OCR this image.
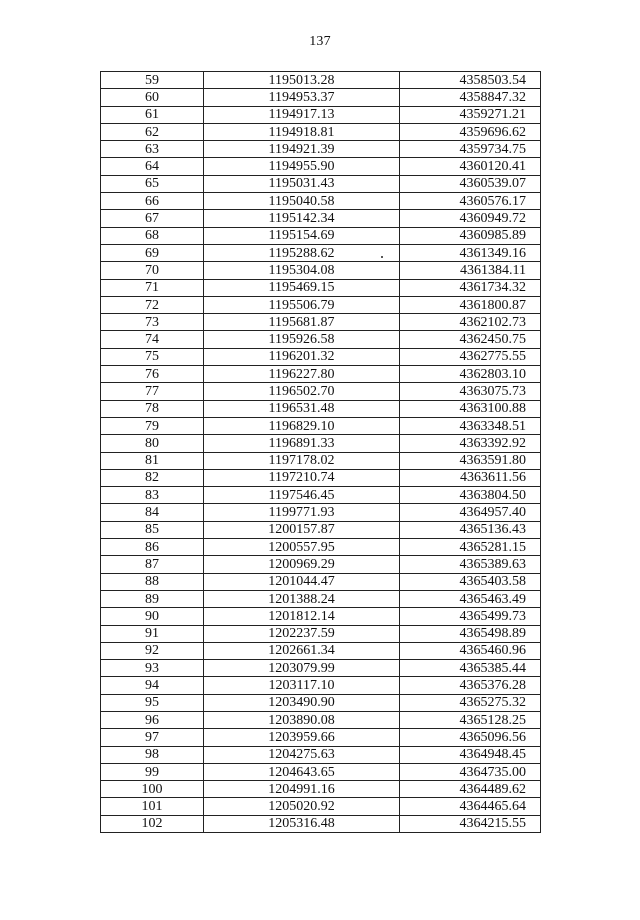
137
59	1195013.28	4358503.54
60	1194953.37	4358847.32
61	1194917.13	4359271.21
62	1194918.81	4359696.62
63	1194921.39	4359734.75
64	1194955.90	4360120.41
65	1195031.43	4360539.07
66	1195040.58	4360576.17
67	1195142.34	4360949.72
68	1195154.69	4360985.89
69	1195288.62	4361349.16
70	1195304.08	4361384.11
71	1195469.15	4361734.32
72	1195506.79	4361800.87
73	1195681.87	4362102.73
74	1195926.58	4362450.75
75	1196201.32	4362775.55
76	1196227.80	4362803.10
77	1196502.70	4363075.73
78	1196531.48	4363100.88
79	1196829.10	4363348.51
80	1196891.33	4363392.92
81	1197178.02	4363591.80
82	1197210.74	4363611.56
83	1197546.45	4363804.50
84	1199771.93	4364957.40
85	1200157.87	4365136.43
86	1200557.95	4365281.15
87	1200969.29	4365389.63
88	1201044.47	4365403.58
89	1201388.24	4365463.49
90	1201812.14	4365499.73
91	1202237.59	4365498.89
92	1202661.34	4365460.96
93	1203079.99	4365385.44
94	1203117.10	4365376.28
95	1203490.90	4365275.32
96	1203890.08	4365128.25
97	1203959.66	4365096.56
98	1204275.63	4364948.45
99	1204643.65	4364735.00
100	1204991.16	4364489.62
101	1205020.92	4364465.64
102	1205316.48	4364215.55
